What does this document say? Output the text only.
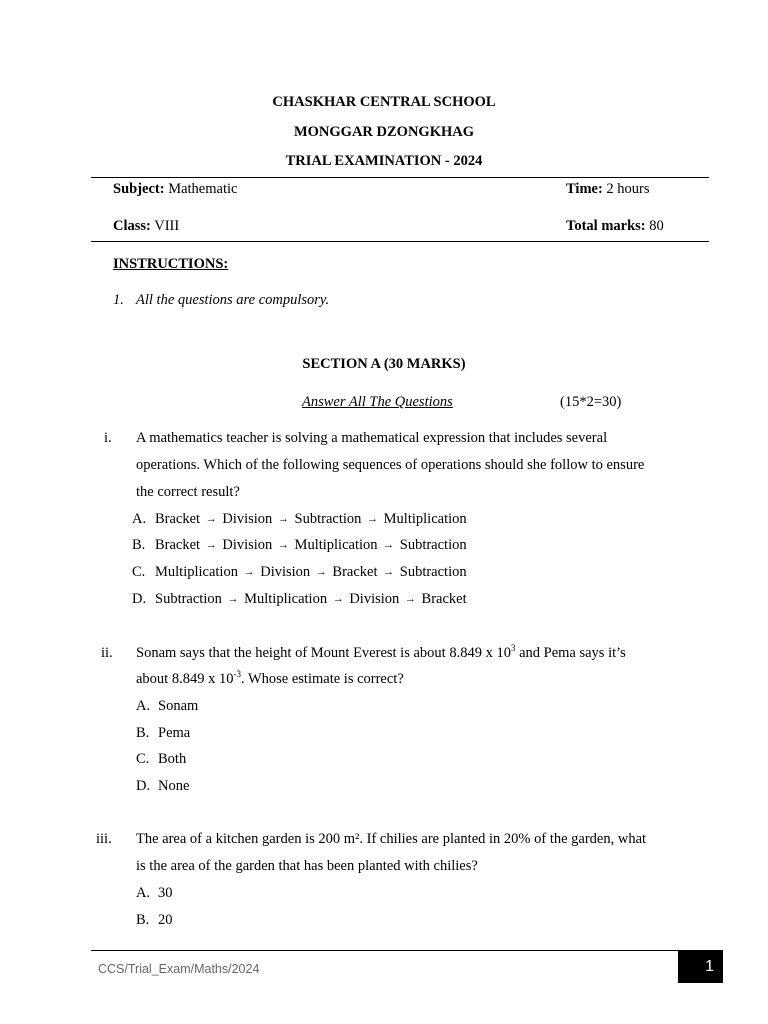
CHASKHAR CENTRAL SCHOOL
MONGGAR DZONGKHAG
TRIAL EXAMINATION - 2024
Subject: Mathematic	Time: 2 hours
Class: VIII	Total marks: 80
INSTRUCTIONS:
1. All the questions are compulsory.
SECTION A (30 MARKS)
Answer All The Questions	(15*2=30)
i. A mathematics teacher is solving a mathematical expression that includes several
operations. Which of the following sequences of operations should she follow to ensure
the correct result?
A. Bracket → Division → Subtraction → Multiplication
B. Bracket → Division → Multiplication → Subtraction
C. Multiplication → Division → Bracket → Subtraction
D. Subtraction → Multiplication → Division → Bracket
ii. Sonam says that the height of Mount Everest is about 8.849 x $10^3$ and Pema says it’s
about 8.849 x $10^{-3}$. Whose estimate is correct?
A. Sonam
B. Pema
C. Both
D. None
iii. The area of a kitchen garden is 200 m². If chilies are planted in 20% of the garden, what
is the area of the garden that has been planted with chilies?
A. 30
B. 20
CCS/Trial_Exam/Maths/2024	1
